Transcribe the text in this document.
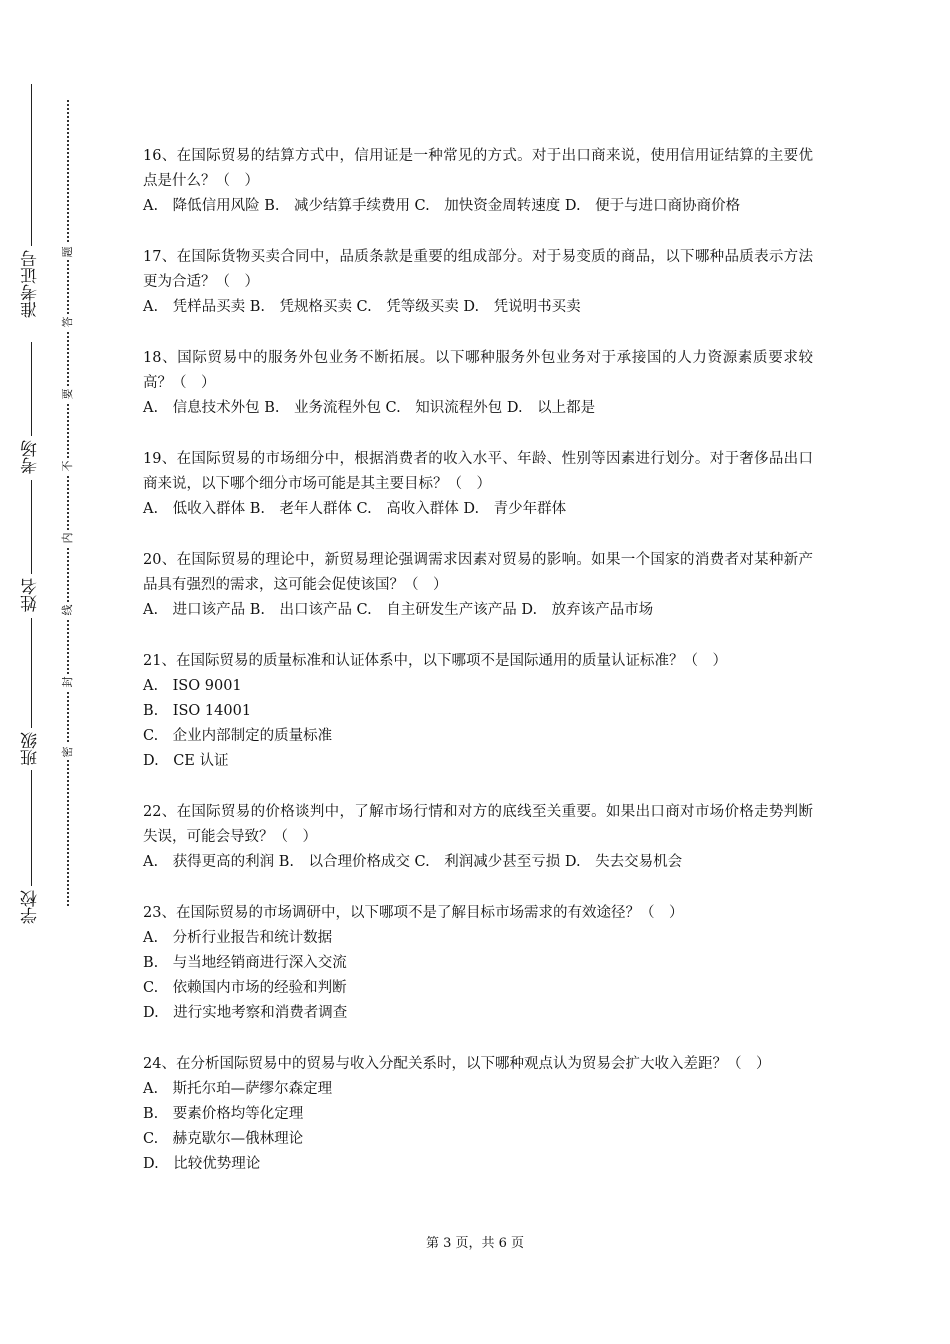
准考证号
考场
姓名
班级
学校
题
答
要
不
内
线
封
密

16、在国际贸易的结算方式中，信用证是一种常见的方式。对于出口商来说，使用信用证结算的主要优点是什么？（　）

A.　降低信用风险 B.　减少结算手续费用 C.　加快资金周转速度 D.　便于与进口商协商价格

17、在国际货物买卖合同中，品质条款是重要的组成部分。对于易变质的商品，以下哪种品质表示方法更为合适？（　）

A.　凭样品买卖 B.　凭规格买卖 C.　凭等级买卖 D.　凭说明书买卖

18、国际贸易中的服务外包业务不断拓展。以下哪种服务外包业务对于承接国的人力资源素质要求较高？（　）

A.　信息技术外包 B.　业务流程外包 C.　知识流程外包 D.　以上都是

19、在国际贸易的市场细分中，根据消费者的收入水平、年龄、性别等因素进行划分。对于奢侈品出口商来说，以下哪个细分市场可能是其主要目标？（　）

A.　低收入群体 B.　老年人群体 C.　高收入群体 D.　青少年群体

20、在国际贸易的理论中，新贸易理论强调需求因素对贸易的影响。如果一个国家的消费者对某种新产品具有强烈的需求，这可能会促使该国？（　）

A.　进口该产品 B.　出口该产品 C.　自主研发生产该产品 D.　放弃该产品市场

21、在国际贸易的质量标准和认证体系中，以下哪项不是国际通用的质量认证标准？（　）

A.　ISO 9001

B.　ISO 14001

C.　企业内部制定的质量标准

D.　CE 认证

22、在国际贸易的价格谈判中，了解市场行情和对方的底线至关重要。如果出口商对市场价格走势判断失误，可能会导致？（　）

A.　获得更高的利润 B.　以合理价格成交 C.　利润减少甚至亏损 D.　失去交易机会

23、在国际贸易的市场调研中，以下哪项不是了解目标市场需求的有效途径？（　）

A.　分析行业报告和统计数据

B.　与当地经销商进行深入交流

C.　依赖国内市场的经验和判断

D.　进行实地考察和消费者调查

24、在分析国际贸易中的贸易与收入分配关系时，以下哪种观点认为贸易会扩大收入差距？（　）

A.　斯托尔珀—萨缪尔森定理

B.　要素价格均等化定理

C.　赫克歇尔—俄林理论

D.　比较优势理论

第 3 页，共 6 页
